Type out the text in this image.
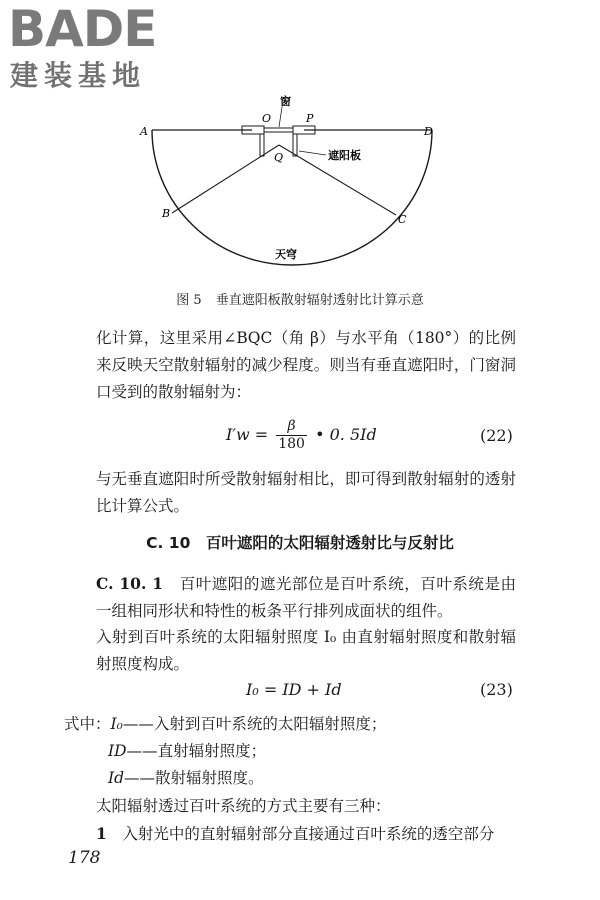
BADE
建装基地
A	D
O	P
Q
B	C
窗
遮阳板
天穹
图 5 垂直遮阳板散射辐射透射比计算示意

化计算，这里采用∠BQC（角 β）与水平角（180°）的比例来反映天空散射辐射的减少程度。则当有垂直遮阳时，门窗洞口受到的散射辐射为：

$I'w = \frac{\beta}{180}$ • 0. 5Id	(22)

与无垂直遮阳时所受散射辐射相比，即可得到散射辐射的透射比计算公式。

C. 10　百叶遮阳的太阳辐射透射比与反射比

C. 10. 1　 百叶遮阳的遮光部位是百叶系统，百叶系统是由一组相同形状和特性的板条平行排列成面状的组件。

入射到百叶系统的太阳辐射照度 I₀ 由直射辐射照度和散射辐射照度构成。

I₀ = ID + Id	(23)
式中：I₀——入射到百叶系统的太阳辐射照度；
ID——直射辐射照度；
Id——散射辐射照度。

太阳辐射透过百叶系统的方式主要有三种：

1　 入射光中的直射辐射部分直接通过百叶系统的透空部分

178
